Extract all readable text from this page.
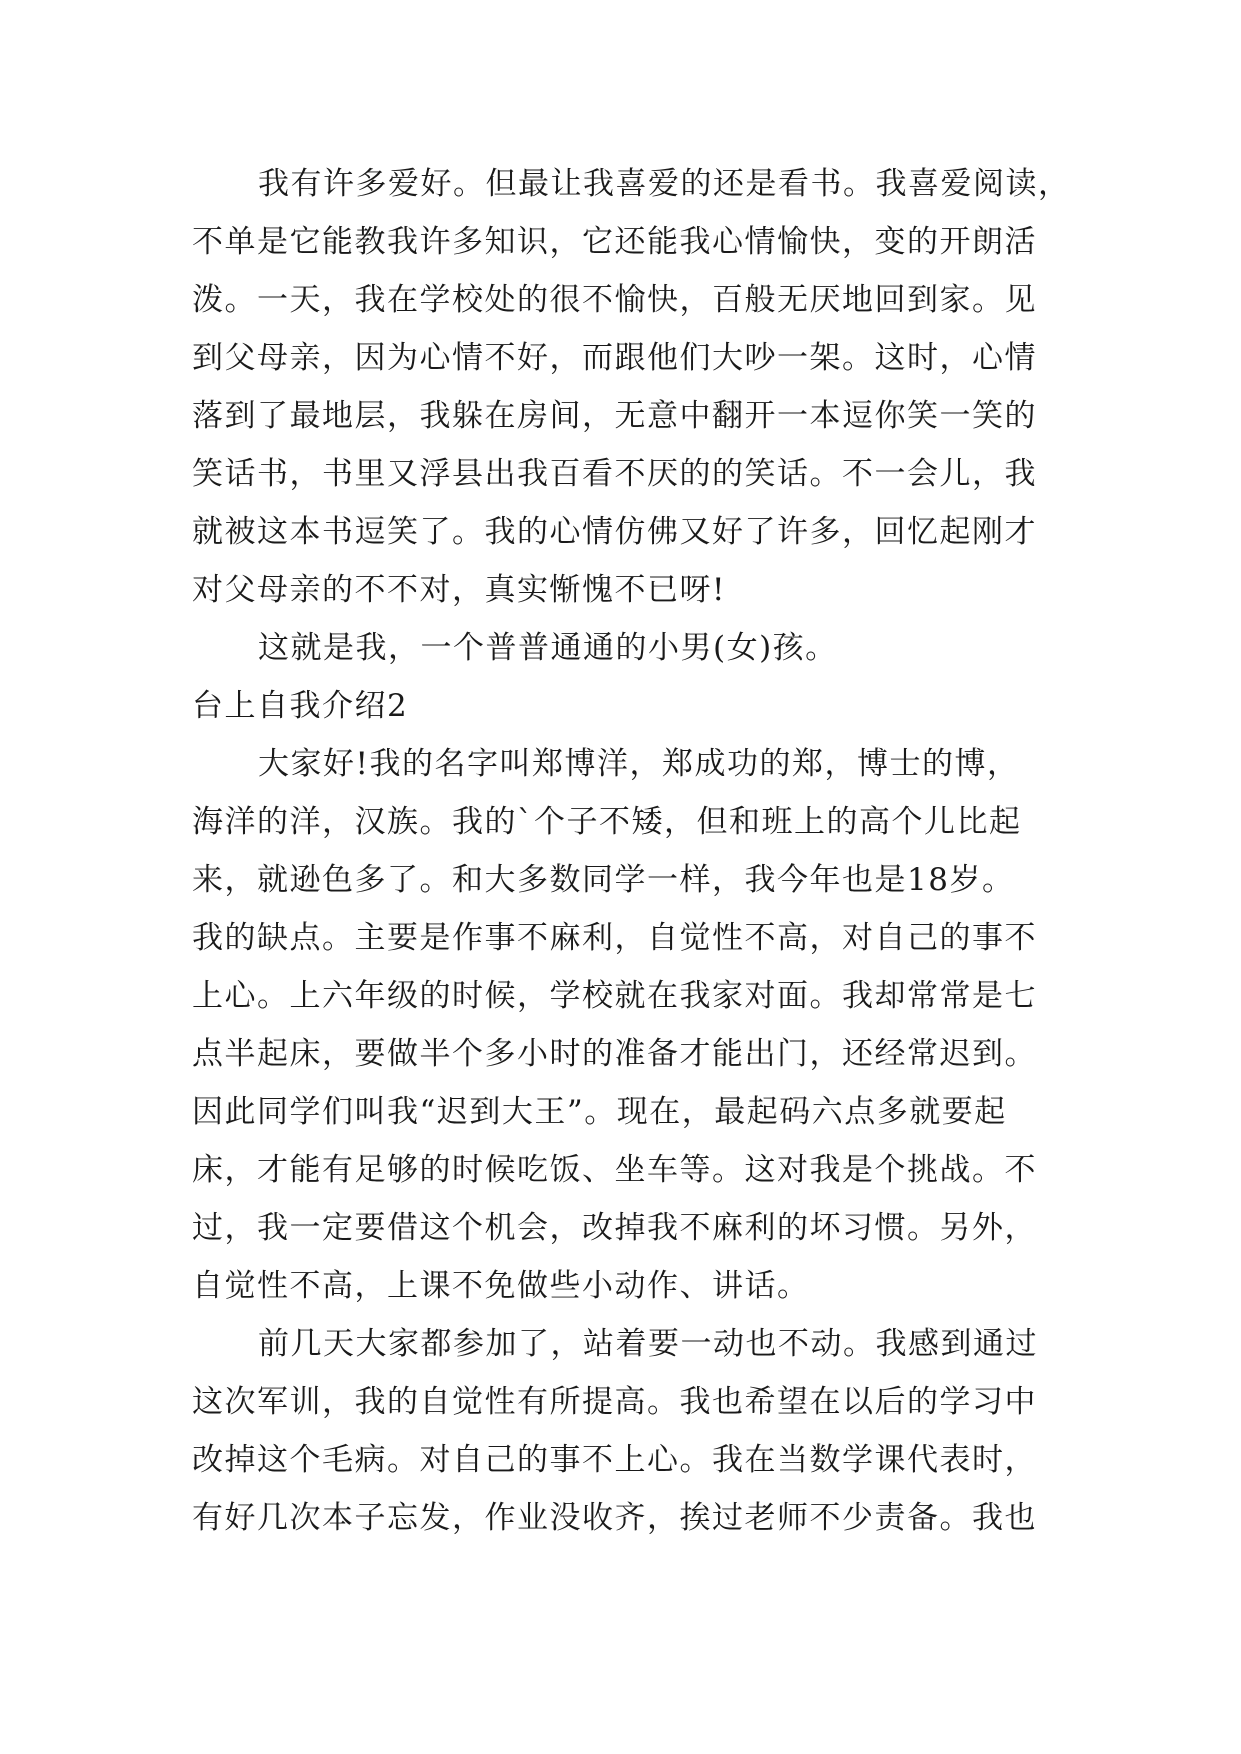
我有许多爱好。但最让我喜爱的还是看书。我喜爱阅读，
不单是它能教我许多知识，它还能我心情愉快，变的开朗活
泼。一天，我在学校处的很不愉快，百般无厌地回到家。见
到父母亲，因为心情不好，而跟他们大吵一架。这时，心情
落到了最地层，我躲在房间，无意中翻开一本逗你笑一笑的
笑话书，书里又浮县出我百看不厌的的笑话。不一会儿，我
就被这本书逗笑了。我的心情仿佛又好了许多，回忆起刚才
对父母亲的不不对，真实惭愧不已呀!
这就是我，一个普普通通的小男(女)孩。
台上自我介绍2
大家好!我的名字叫郑博洋，郑成功的郑，博士的博，
海洋的洋，汉族。我的`个子不矮，但和班上的高个儿比起
来，就逊色多了。和大多数同学一样，我今年也是18岁。
我的缺点。主要是作事不麻利，自觉性不高，对自己的事不
上心。上六年级的时候，学校就在我家对面。我却常常是七
点半起床，要做半个多小时的准备才能出门，还经常迟到。
因此同学们叫我“迟到大王”。现在，最起码六点多就要起
床，才能有足够的时候吃饭、坐车等。这对我是个挑战。不
过，我一定要借这个机会，改掉我不麻利的坏习惯。另外，
自觉性不高，上课不免做些小动作、讲话。
前几天大家都参加了，站着要一动也不动。我感到通过
这次军训，我的自觉性有所提高。我也希望在以后的学习中
改掉这个毛病。对自己的事不上心。我在当数学课代表时，
有好几次本子忘发，作业没收齐，挨过老师不少责备。我也
